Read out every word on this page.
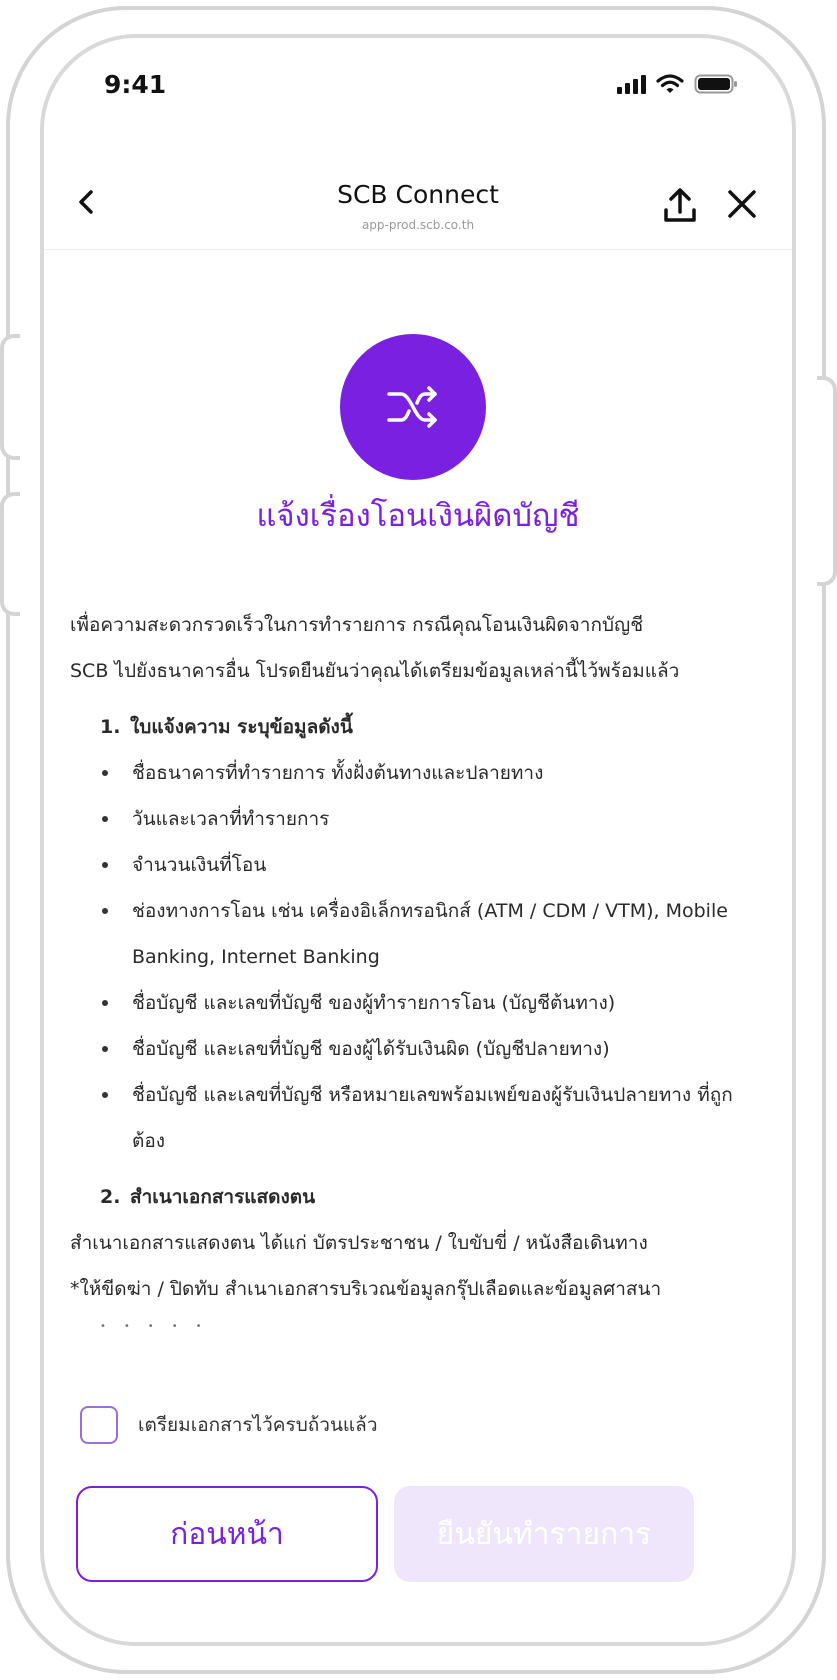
9:41
SCB Connect
app-prod.scb.co.th
แจ้งเรื่องโอนเงินผิดบัญชี
เพื่อความสะดวกรวดเร็วในการทำรายการ กรณีคุณโอนเงินผิดจากบัญชี
SCB ไปยังธนาคารอื่น โปรดยืนยันว่าคุณได้เตรียมข้อมูลเหล่านี้ไว้พร้อมแล้ว
1. ใบแจ้งความ ระบุข้อมูลดังนี้
ชื่อธนาคารที่ทำรายการ ทั้งฝั่งต้นทางและปลายทาง
วันและเวลาที่ทำรายการ
จำนวนเงินที่โอน
ช่องทางการโอน เช่น เครื่องอิเล็กทรอนิกส์ (ATM / CDM / VTM), Mobile Banking, Internet Banking
ชื่อบัญชี และเลขที่บัญชี ของผู้ทำรายการโอน (บัญชีต้นทาง)
ชื่อบัญชี และเลขที่บัญชี ของผู้ได้รับเงินผิด (บัญชีปลายทาง)
ชื่อบัญชี และเลขที่บัญชี หรือหมายเลขพร้อมเพย์ของผู้รับเงินปลายทาง ที่ถูกต้อง
2. สำเนาเอกสารแสดงตน
สำเนาเอกสารแสดงตน ได้แก่ บัตรประชาชน / ใบขับขี่ / หนังสือเดินทาง
*ให้ขีดฆ่า / ปิดทับ สำเนาเอกสารบริเวณข้อมูลกรุ๊ปเลือดและข้อมูลศาสนา
•••••
เตรียมเอกสารไว้ครบถ้วนแล้ว
ก่อนหน้า	ยืนยันทำรายการ
